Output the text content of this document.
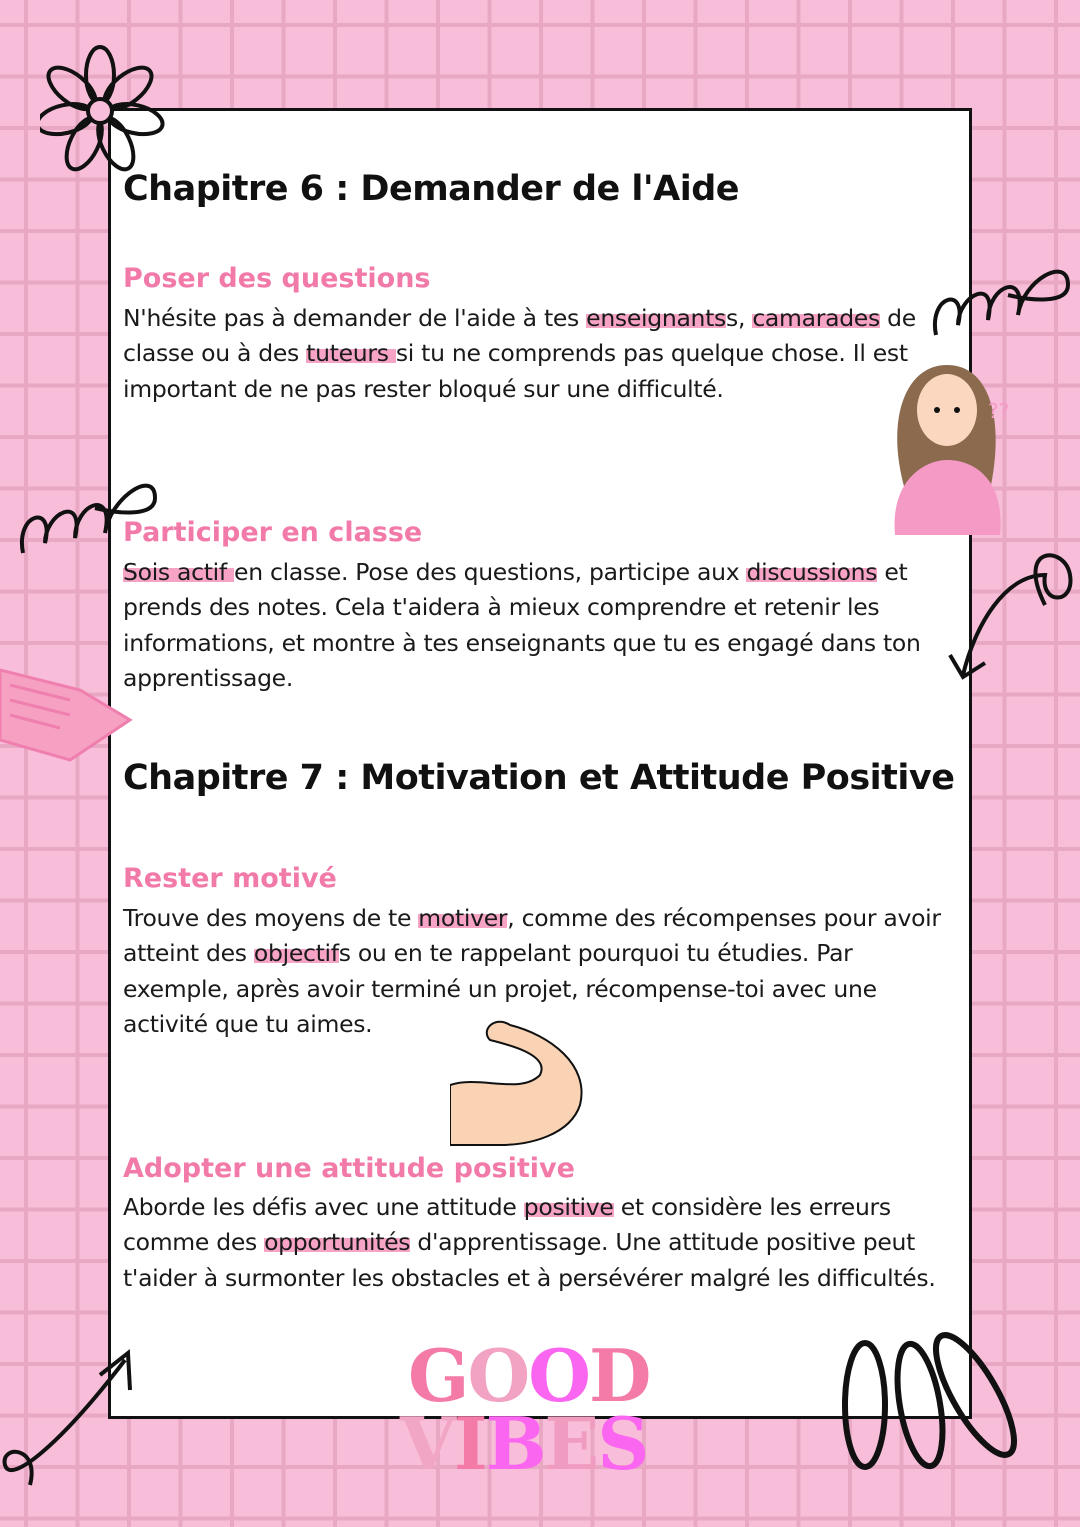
Chapitre 6 : Demander de l'Aide
Poser des questions
N'hésite pas à demander de l'aide à tes enseignantss, camarades de classe ou à des tuteurs si tu ne comprends pas quelque chose. Il est important de ne pas rester bloqué sur une difficulté.
Participer en classe
Sois actif en classe. Pose des questions, participe aux discussions et prends des notes. Cela t'aidera à mieux comprendre et retenir les informations, et montre à tes enseignants que tu es engagé dans ton apprentissage.
Chapitre 7 : Motivation et Attitude Positive
Rester motivé
Trouve des moyens de te motiver, comme des récompenses pour avoir atteint des objectifs ou en te rappelant pourquoi tu étudies. Par exemple, après avoir terminé un projet, récompense-toi avec une activité que tu aimes.
Adopter une attitude positive
Aborde les défis avec une attitude positive et considère les erreurs comme des opportunités d'apprentissage. Une attitude positive peut t'aider à surmonter les obstacles et à persévérer malgré les difficultés.
??
GOOD
VIBES
